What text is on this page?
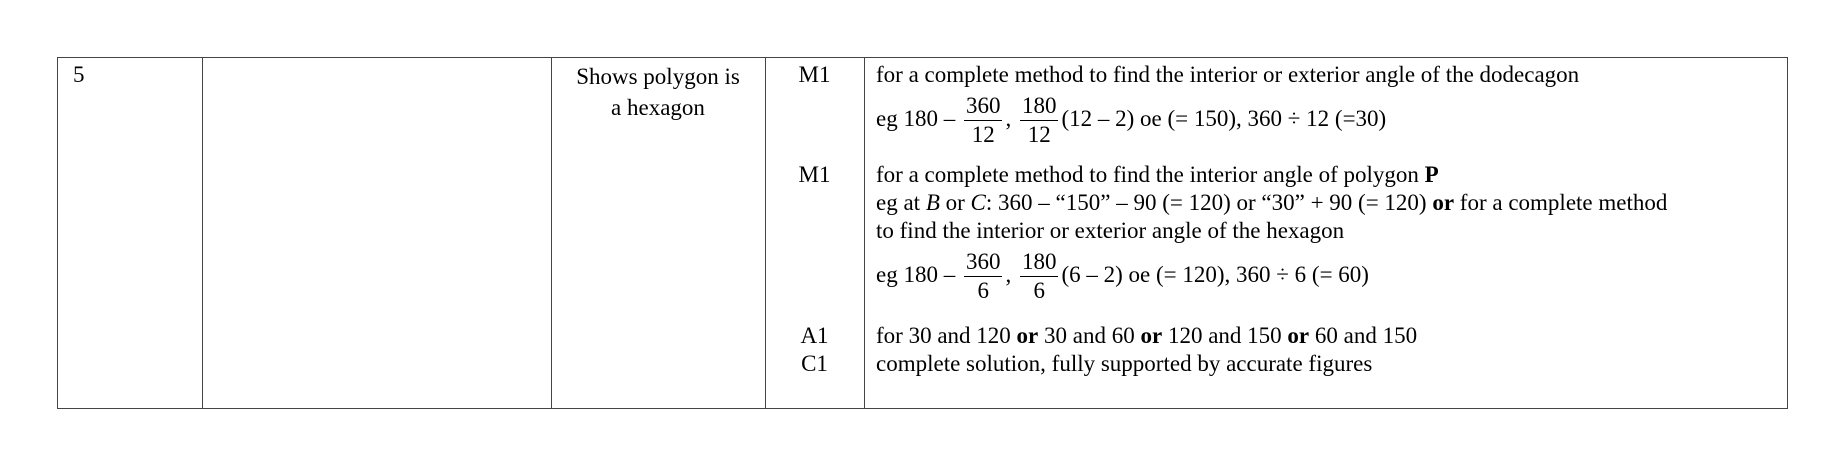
5	Shows polygon is
a hexagon
M1
M1
A1
C1
for a complete method to find the interior or exterior angle of the dodecagon
eg $180 - \frac{360}{12}$ , $\frac{180}{12} (12 - 2)$ oe (= 150), 360 ÷ 12 (=30)
for a complete method to find the interior angle of polygon P
eg at B or C: 360 – “150” – 90 (= 120) or “30” + 90 (= 120) or for a complete method
to find the interior or exterior angle of the hexagon
eg $180 - \frac{360}{6}$ , $\frac{180}{6} (6 - 2)$ oe (= 120), 360 ÷ 6 (= 60)
for 30 and 120 or 30 and 60 or 120 and 150 or 60 and 150
complete solution, fully supported by accurate figures
